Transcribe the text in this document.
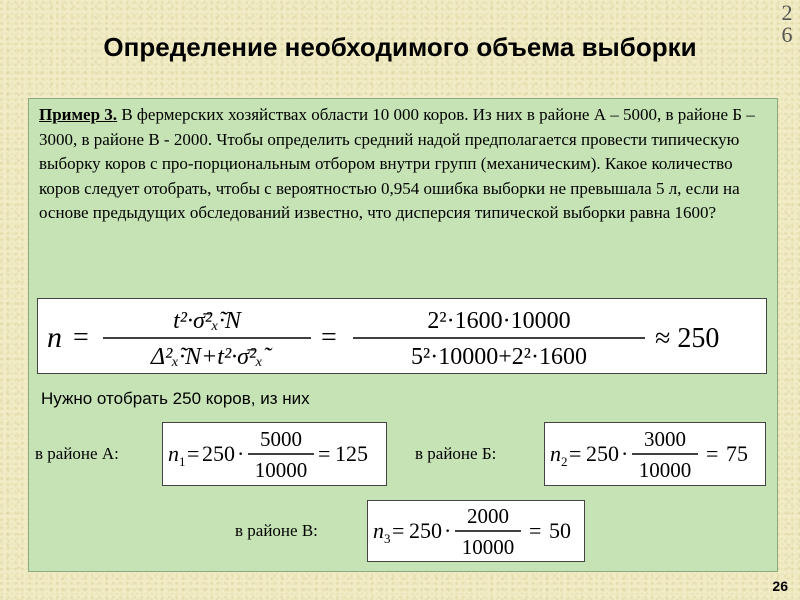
2
6
Определение необходимого объема выборки
Пример 3. В фермерских хозяйствах области 10 000 коров. Из них в районе А – 5000, в районе Б – 3000, в районе В - 2000. Чтобы определить средний надой предполагается провести типическую выборку коров с про-порциональным отбором внутри групп (механическим). Какое количество коров следует отобрать, чтобы с вероятностью 0,954 ошибка выборки не превышала 5 л, если на основе предыдущих обследований известно, что дисперсия типической выборки равна 1600?
n =
t²·σ̄²ₓ̃·N
Δ²ₓ̃·N+t²·σ̄²ₓ̃
=
2²·1600·10000
5²·10000+2²·1600
≈ 250
Нужно отобрать 250 коров, из них
в районе А: n 1 = 250 ·
5000
10000
= 125	в районе Б: n 2 = 250 ·
3000
10000
= 75
в районе В:	n 3 = 250 ·
2000
10000
= 50
26
